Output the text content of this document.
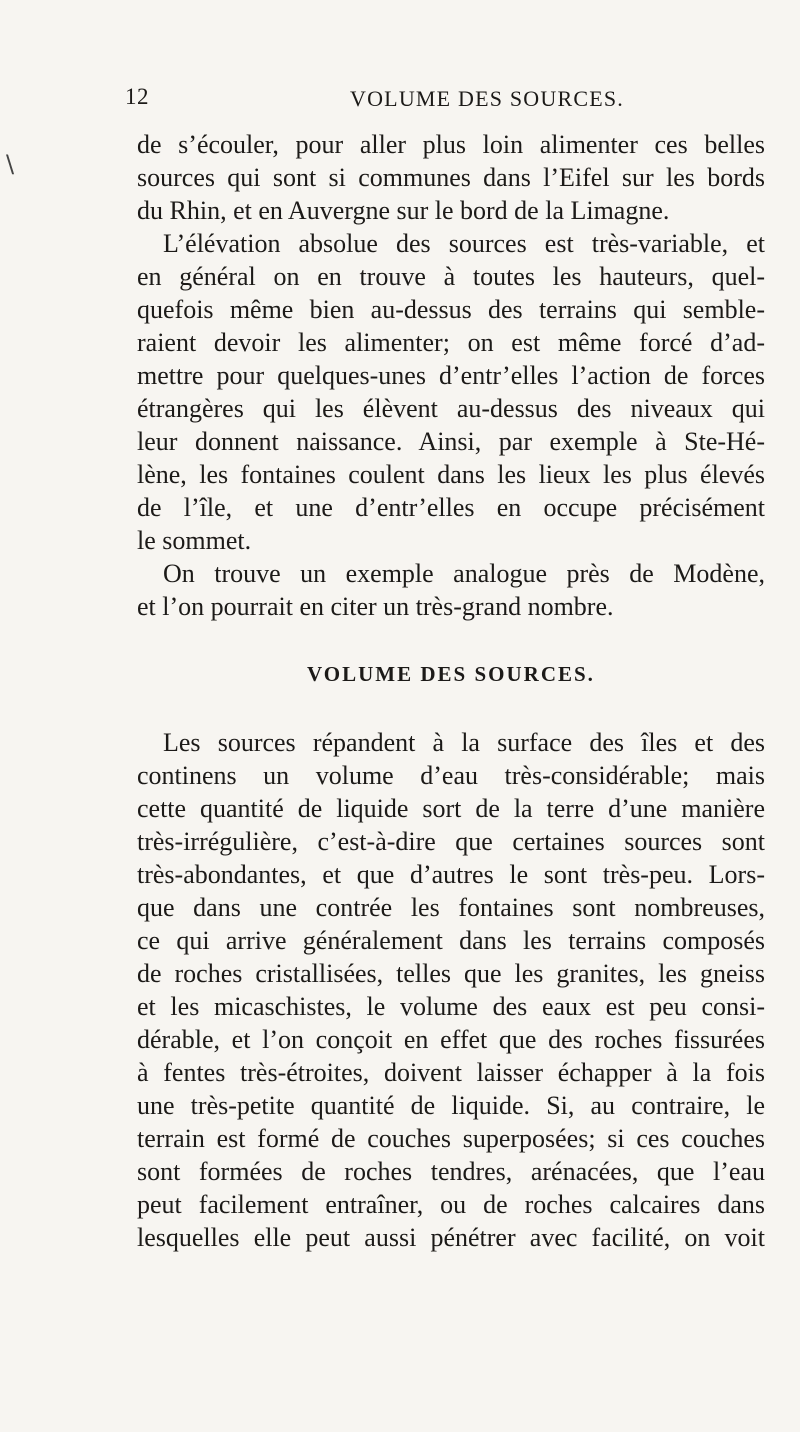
12	VOLUME DES SOURCES.
\
de s’écouler, pour aller plus loin alimenter ces belles
sources qui sont si communes dans l’Eifel sur les bords
du Rhin, et en Auvergne sur le bord de la Limagne.
L’élévation absolue des sources est très-variable, et
en général on en trouve à toutes les hauteurs, quel-
quefois même bien au-dessus des terrains qui semble-
raient devoir les alimenter; on est même forcé d’ad-
mettre pour quelques-unes d’entr’elles l’action de forces
étrangères qui les élèvent au-dessus des niveaux qui
leur donnent naissance. Ainsi, par exemple à Ste-Hé-
lène, les fontaines coulent dans les lieux les plus élevés
de l’île, et une d’entr’elles en occupe précisément
le sommet.
On trouve un exemple analogue près de Modène,
et l’on pourrait en citer un très-grand nombre.
VOLUME DES SOURCES.
Les sources répandent à la surface des îles et des
continens un volume d’eau très-considérable; mais
cette quantité de liquide sort de la terre d’une manière
très-irrégulière, c’est-à-dire que certaines sources sont
très-abondantes, et que d’autres le sont très-peu. Lors-
que dans une contrée les fontaines sont nombreuses,
ce qui arrive généralement dans les terrains composés
de roches cristallisées, telles que les granites, les gneiss
et les micaschistes, le volume des eaux est peu consi-
dérable, et l’on conçoit en effet que des roches fissurées
à fentes très-étroites, doivent laisser échapper à la fois
une très-petite quantité de liquide. Si, au contraire, le
terrain est formé de couches superposées; si ces couches
sont formées de roches tendres, arénacées, que l’eau
peut facilement entraîner, ou de roches calcaires dans
lesquelles elle peut aussi pénétrer avec facilité, on voit
